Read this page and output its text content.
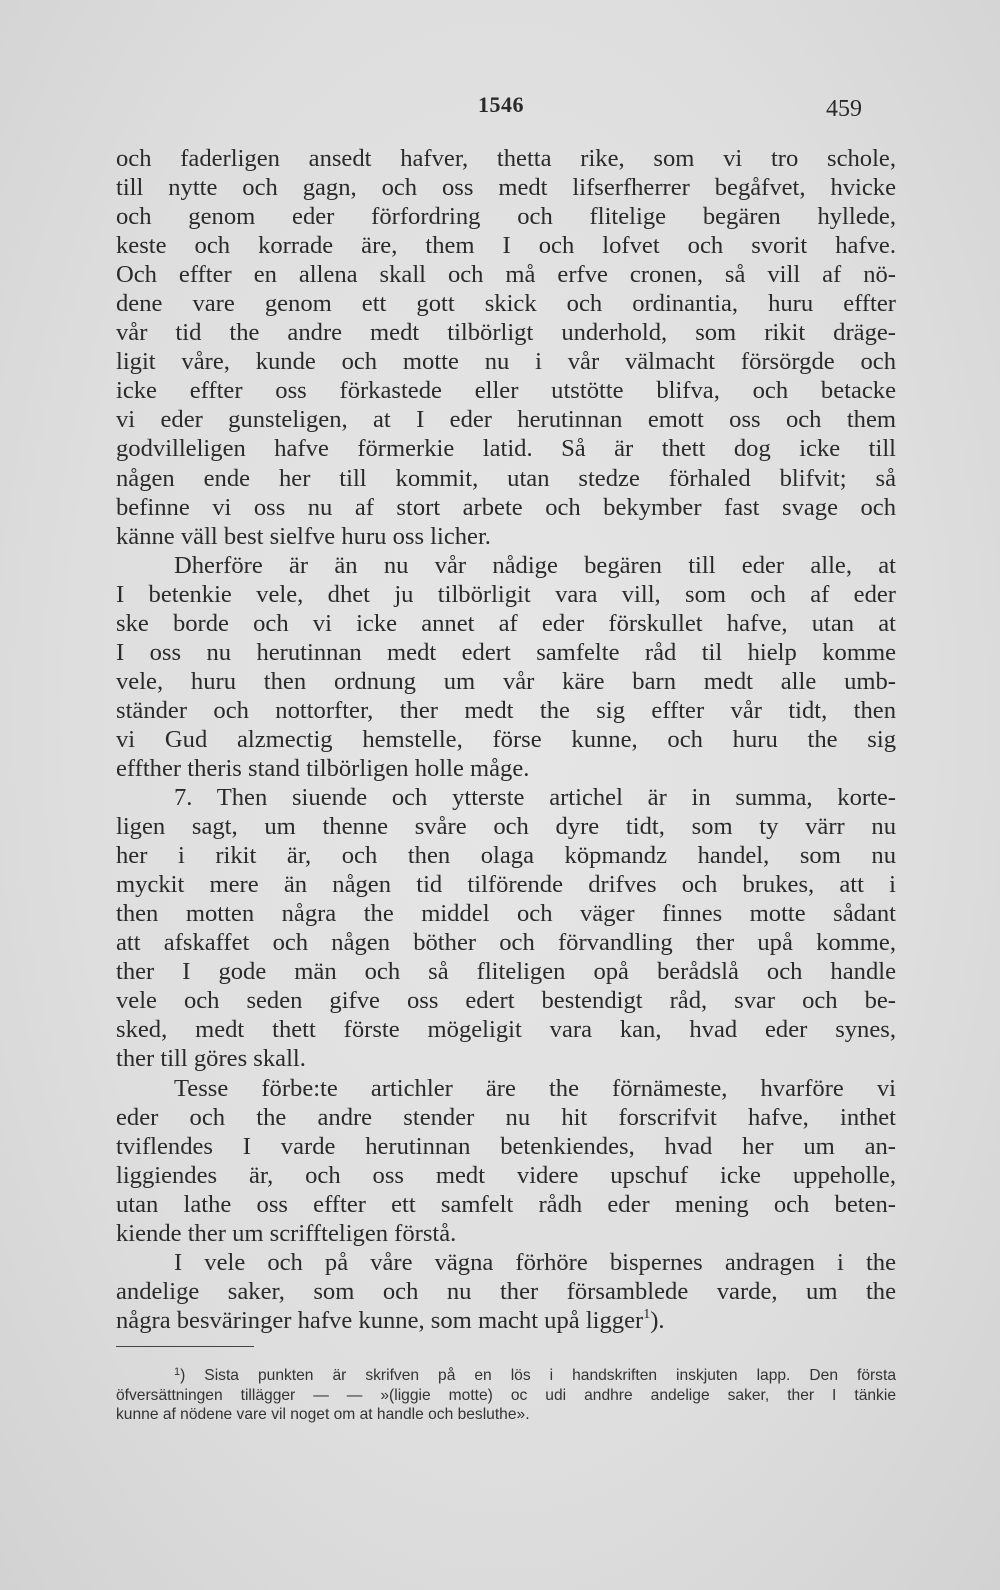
1546	459
och faderligen ansedt hafver, thetta rike, som vi tro schole,
till nytte och gagn, och oss medt lifserfherrer begåfvet, hvicke
och genom eder förfordring och flitelige begären hyllede,
keste och korrade äre, them I och lofvet och svorit hafve.
Och effter en allena skall och må erfve cronen, så vill af nö-
dene vare genom ett gott skick och ordinantia, huru effter
vår tid the andre medt tilbörligt underhold, som rikit dräge-
ligit våre, kunde och motte nu i vår välmacht försörgde och
icke effter oss förkastede eller utstötte blifva, och betacke
vi eder gunsteligen, at I eder herutinnan emott oss och them
godvilleligen hafve förmerkie latid. Så är thett dog icke till
någen ende her till kommit, utan stedze förhaled blifvit; så
befinne vi oss nu af stort arbete och bekymber fast svage och
känne väll best sielfve huru oss licher.
Dherföre är än nu vår nådige begären till eder alle, at
I betenkie vele, dhet ju tilbörligit vara vill, som och af eder
ske borde och vi icke annet af eder förskullet hafve, utan at
I oss nu herutinnan medt edert samfelte råd til hielp komme
vele, huru then ordnung um vår käre barn medt alle umb-
ständer och nottorfter, ther medt the sig effter vår tidt, then
vi Gud alzmectig hemstelle, förse kunne, och huru the sig
effther theris stand tilbörligen holle måge.
7. Then siuende och ytterste artichel är in summa, korte-
ligen sagt, um thenne svåre och dyre tidt, som ty värr nu
her i rikit är, och then olaga köpmandz handel, som nu
myckit mere än någen tid tilförende drifves och brukes, att i
then motten några the middel och väger finnes motte sådant
att afskaffet och någen böther och förvandling ther upå komme,
ther I gode män och så fliteligen opå berådslå och handle
vele och seden gifve oss edert bestendigt råd, svar och be-
sked, medt thett förste mögeligit vara kan, hvad eder synes,
ther till göres skall.
Tesse förbe:te artichler äre the förnämeste, hvarföre vi
eder och the andre stender nu hit forscrifvit hafve, inthet
tviflendes I varde herutinnan betenkiendes, hvad her um an-
liggiendes är, och oss medt videre upschuf icke uppeholle,
utan lathe oss effter ett samfelt rådh eder mening och beten-
kiende ther um scriffteligen förstå.
I vele och på våre vägna förhöre bispernes andragen i the
andelige saker, som och nu ther församblede varde, um the
några besväringer hafve kunne, som macht upå ligger$^1$).
$^1$) Sista punkten är skrifven på en lös i handskriften inskjuten lapp. Den första
öfversättningen tillägger — — »(liggie motte) oc udi andhre andelige saker, ther I tänkie
kunne af nödene vare vil noget om at handle och besluthe».
